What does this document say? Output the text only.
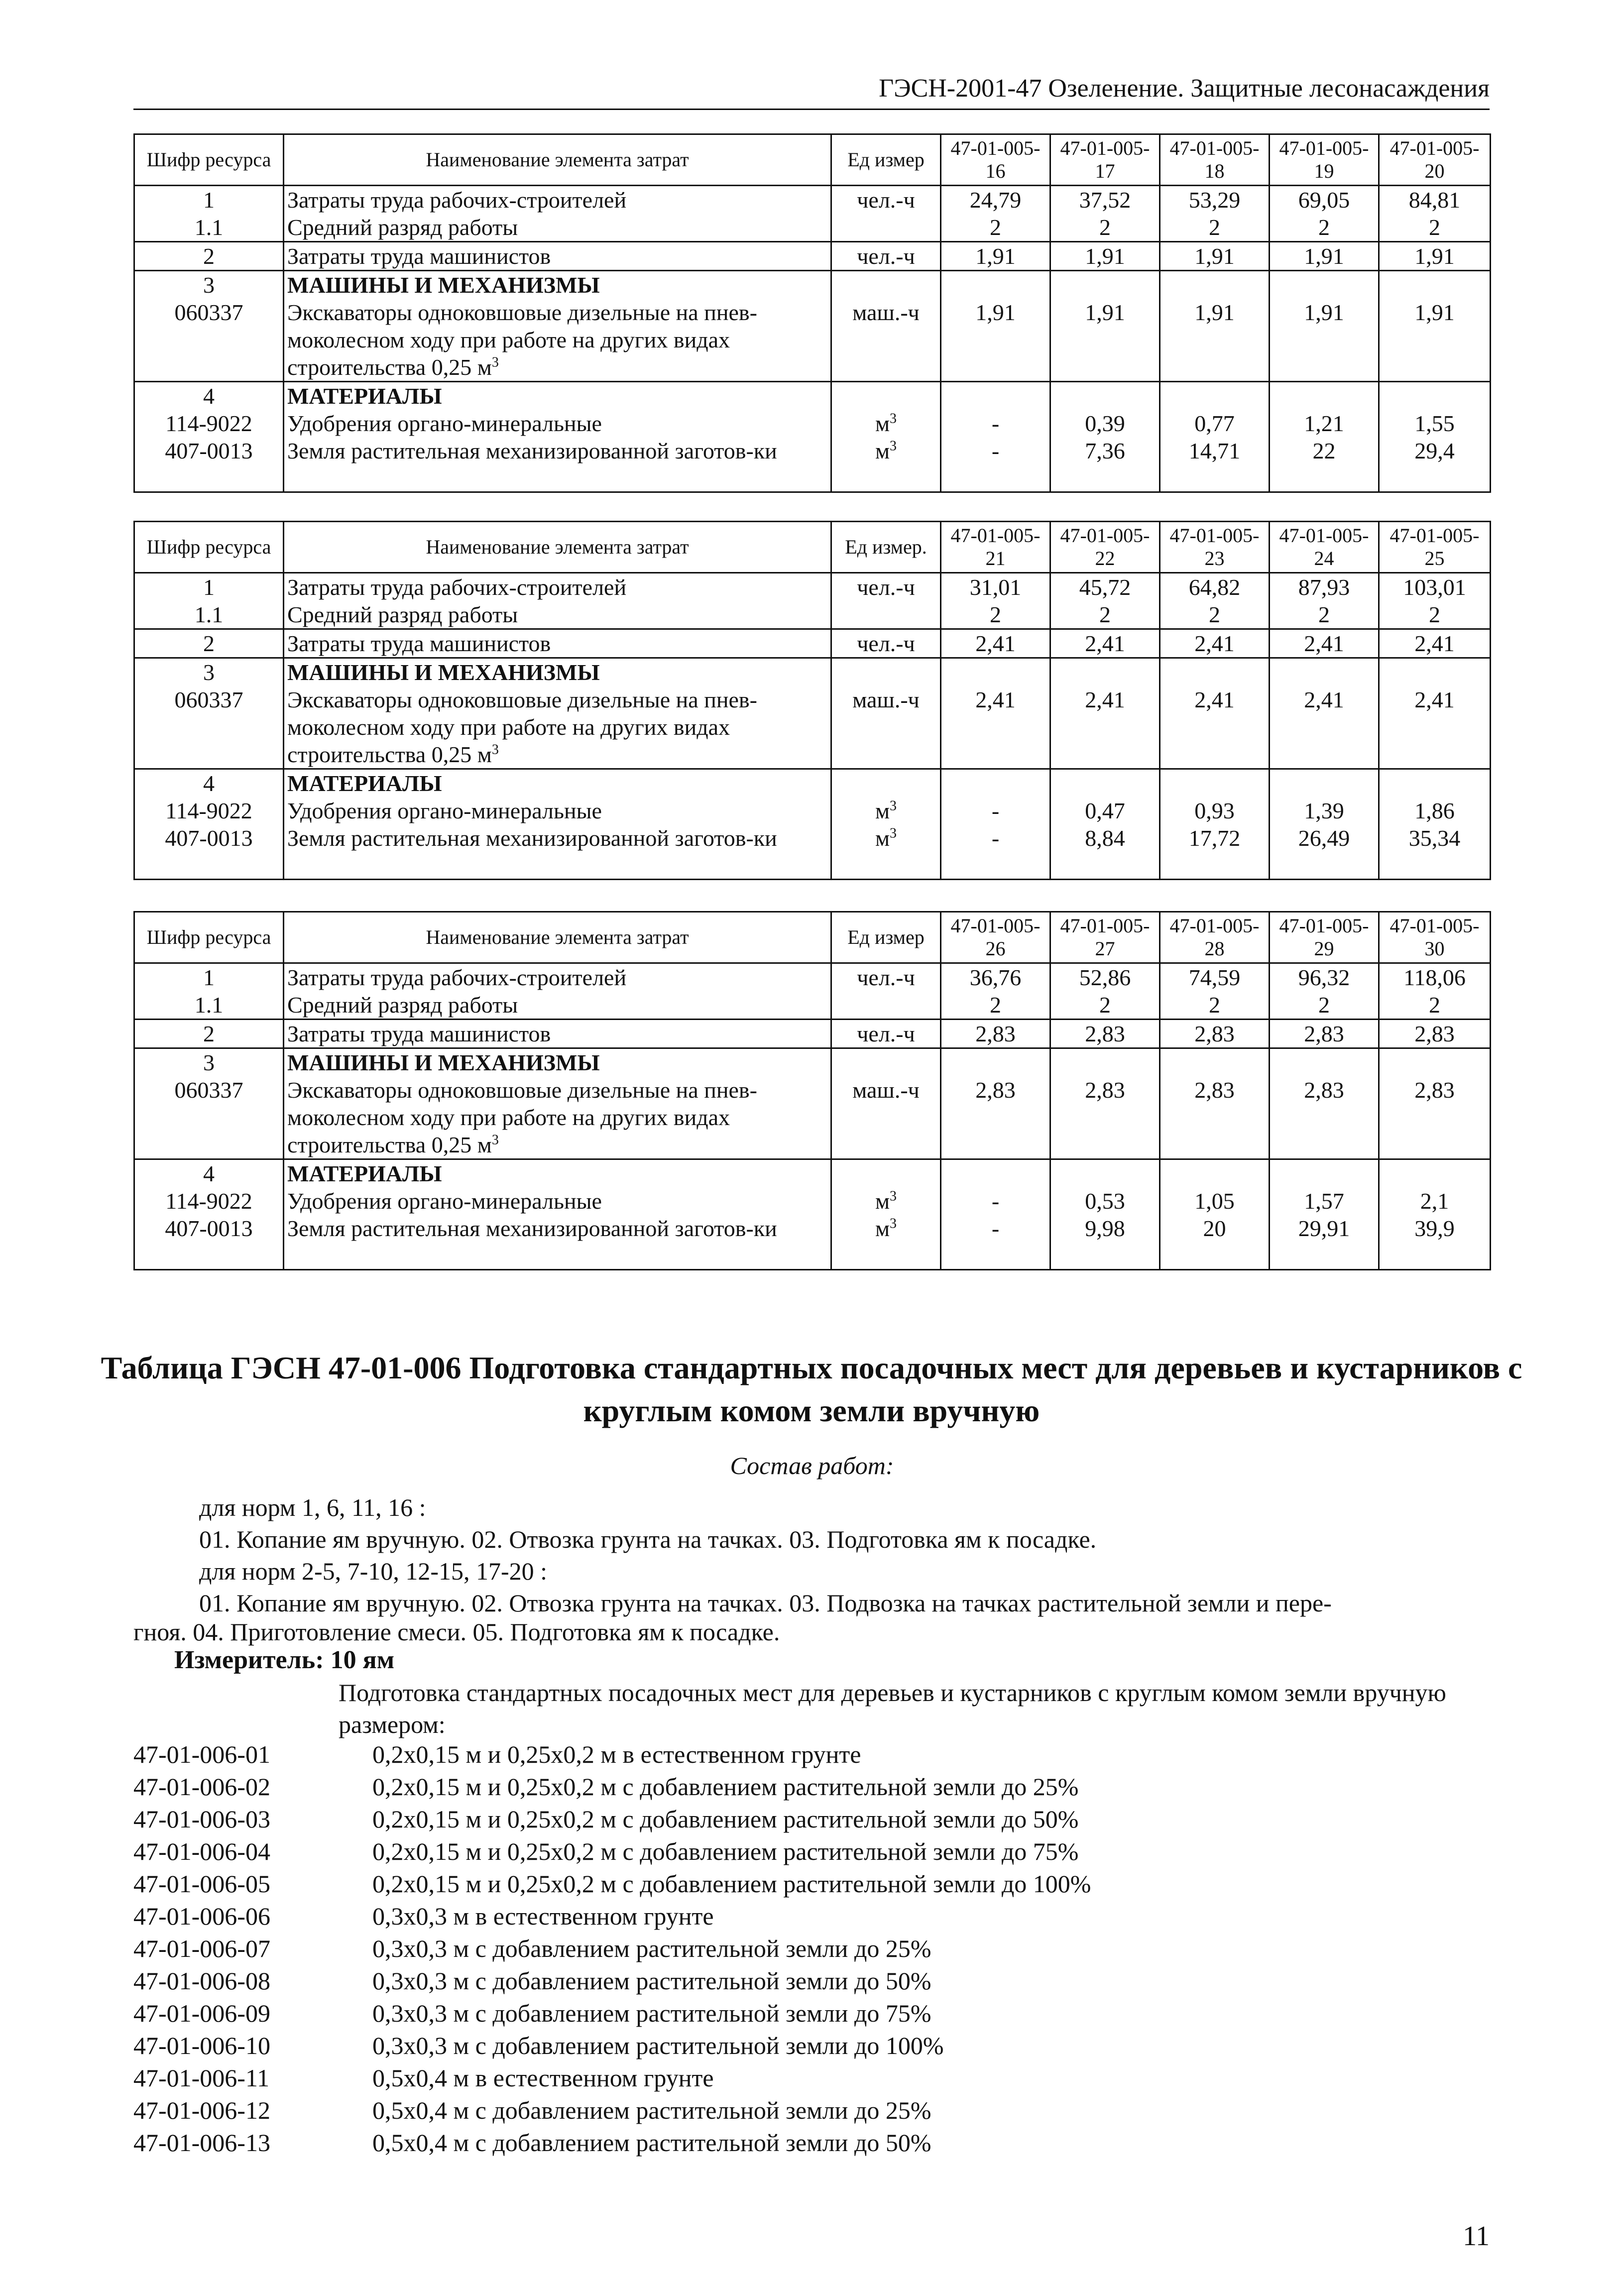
ГЭСН-2001-47 Озеленение. Защитные лесонасаждения
Шифр ресурса	Наименование элемента затрат	Ед измер	47-01-005-16	47-01-005-17	47-01-005-18	47-01-005-19	47-01-005-20
1	Затраты труда рабочих-строителей	чел.-ч	24,79	37,52	53,29	69,05	84,81
1.1	Средний разряд работы		2	2	2	2	2
2	Затраты труда машинистов	чел.-ч	1,91	1,91	1,91	1,91	1,91
3	МАШИНЫ И МЕХАНИЗМЫ						
060337	Экскаваторы одноковшовые дизельные на пнев-моколесном ходу при работе на других видах строительства 0,25 $м^3$	маш.-ч	1,91	1,91	1,91	1,91	1,91
4	МАТЕРИАЛЫ						
114-9022	Удобрения органо-минеральные	$м^3$	-	0,39	0,77	1,21	1,55
407-0013	Земля растительная механизированной заготов-ки	$м^3$	-	7,36	14,71	22	29,4
Шифр ресурса	Наименование элемента затрат	Ед измер.	47-01-005-21	47-01-005-22	47-01-005-23	47-01-005-24	47-01-005-25
1	Затраты труда рабочих-строителей	чел.-ч	31,01	45,72	64,82	87,93	103,01
1.1	Средний разряд работы		2	2	2	2	2
2	Затраты труда машинистов	чел.-ч	2,41	2,41	2,41	2,41	2,41
3	МАШИНЫ И МЕХАНИЗМЫ						
060337	Экскаваторы одноковшовые дизельные на пнев-моколесном ходу при работе на других видах строительства 0,25 $м^3$	маш.-ч	2,41	2,41	2,41	2,41	2,41
4	МАТЕРИАЛЫ						
114-9022	Удобрения органо-минеральные	$м^3$	-	0,47	0,93	1,39	1,86
407-0013	Земля растительная механизированной заготов-ки	$м^3$	-	8,84	17,72	26,49	35,34
Шифр ресурса	Наименование элемента затрат	Ед измер	47-01-005-26	47-01-005-27	47-01-005-28	47-01-005-29	47-01-005-30
1	Затраты труда рабочих-строителей	чел.-ч	36,76	52,86	74,59	96,32	118,06
1.1	Средний разряд работы		2	2	2	2	2
2	Затраты труда машинистов	чел.-ч	2,83	2,83	2,83	2,83	2,83
3	МАШИНЫ И МЕХАНИЗМЫ						
060337	Экскаваторы одноковшовые дизельные на пнев-моколесном ходу при работе на других видах строительства 0,25 $м^3$	маш.-ч	2,83	2,83	2,83	2,83	2,83
4	МАТЕРИАЛЫ						
114-9022	Удобрения органо-минеральные	$м^3$	-	0,53	1,05	1,57	2,1
407-0013	Земля растительная механизированной заготов-ки	$м^3$	-	9,98	20	29,91	39,9
Таблица ГЭСН 47-01-006 Подготовка стандартных посадочных мест для деревьев и кустарников с круглым комом земли вручную
Состав работ:
для норм 1, 6, 11, 16 :
01. Копание ям вручную. 02. Отвозка грунта на тачках. 03. Подготовка ям к посадке.
для норм 2-5, 7-10, 12-15, 17-20 :
01. Копание ям вручную. 02. Отвозка грунта на тачках. 03. Подвозка на тачках растительной земли и пере-
гноя. 04. Приготовление смеси. 05. Подготовка ям к посадке.
Измеритель: 10 ям
Подготовка стандартных посадочных мест для деревьев и кустарников с круглым комом земли вручную размером:
47-01-006-01	0,2х0,15 м и 0,25х0,2 м в естественном грунте
47-01-006-02	0,2х0,15 м и 0,25х0,2 м с добавлением растительной земли до 25%
47-01-006-03	0,2х0,15 м и 0,25х0,2 м с добавлением растительной земли до 50%
47-01-006-04	0,2х0,15 м и 0,25х0,2 м с добавлением растительной земли до 75%
47-01-006-05	0,2х0,15 м и 0,25х0,2 м с добавлением растительной земли до 100%
47-01-006-06	0,3х0,3 м в естественном грунте
47-01-006-07	0,3х0,3 м с добавлением растительной земли до 25%
47-01-006-08	0,3х0,3 м с добавлением растительной земли до 50%
47-01-006-09	0,3х0,3 м с добавлением растительной земли до 75%
47-01-006-10	0,3х0,3 м с добавлением растительной земли до 100%
47-01-006-11	0,5х0,4 м в естественном грунте
47-01-006-12	0,5х0,4 м с добавлением растительной земли до 25%
47-01-006-13	0,5х0,4 м с добавлением растительной земли до 50%
11
